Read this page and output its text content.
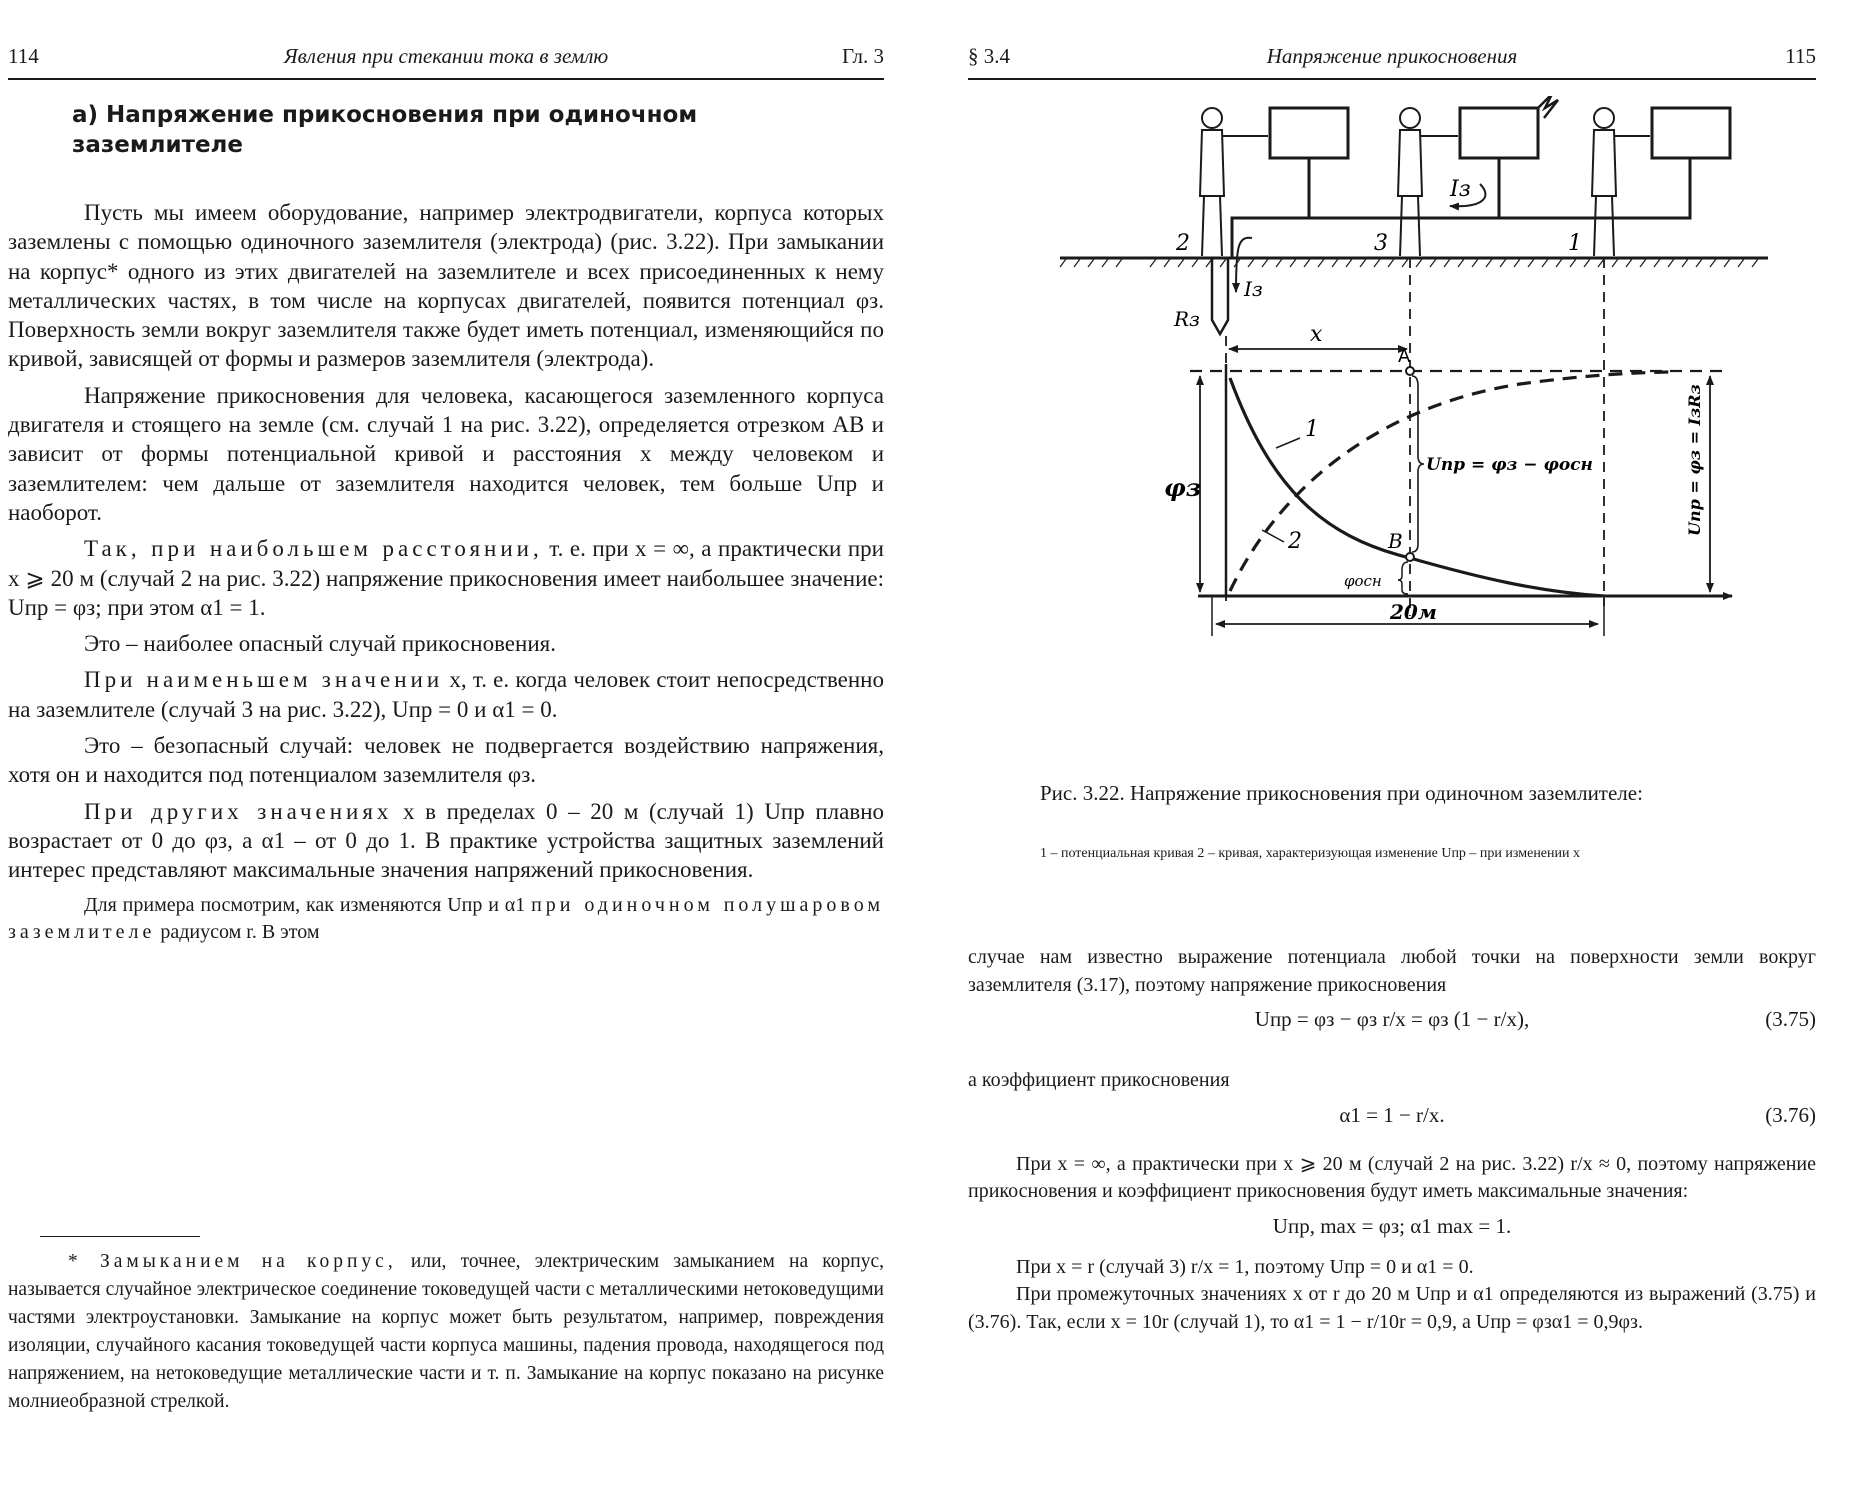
114	Явления при стекании тока в землю	Гл. 3
а) Напряжение прикосновения при одиночном заземлителе

Пусть мы имеем оборудование, например электродвигатели, корпуса которых заземлены с помощью одиночного заземлителя (электрода) (рис. 3.22). При замыкании на корпус* одного из этих двигателей на заземлителе и всех присоединенных к нему металлических частях, в том числе на корпусах двигателей, появится потенциал φз. Поверхность земли вокруг заземлителя также будет иметь потенциал, изменяющийся по кривой, зависящей от формы и размеров заземлителя (электрода).

Напряжение прикосновения для человека, касающегося заземленного корпуса двигателя и стоящего на земле (см. случай 1 на рис. 3.22), определяется отрезком AB и зависит от формы потенциальной кривой и расстояния x между человеком и заземлителем: чем дальше от заземлителя находится человек, тем больше Uпр и наоборот.

Так, при наибольшем расстоянии, т. е. при x = ∞, а практически при x ⩾ 20 м (случай 2 на рис. 3.22) напряжение прикосновения имеет наибольшее значение: Uпр = φз; при этом α1 = 1.

Это – наиболее опасный случай прикосновения.

При наименьшем значении x, т. е. когда человек стоит непосредственно на заземлителе (случай 3 на рис. 3.22), Uпр = 0 и α1 = 0.

Это – безопасный случай: человек не подвергается воздействию напряжения, хотя он и находится под потенциалом заземлителя φз.

При других значениях x в пределах 0 – 20 м (случай 1) Uпр плавно возрастает от 0 до φз, а α1 – от 0 до 1. В практике устройства защитных заземлений интерес представляют максимальные значения напряжений прикосновения.

Для примера посмотрим, как изменяются Uпр и α1 при одиночном полушаровом заземлителе радиусом r. В этом

* Замыканием на корпус, или, точнее, электрическим замыканием на корпус, называется случайное электрическое соединение токоведущей части с металлическими нетоковедущими частями электроустановки. Замыкание на корпус может быть результатом, например, повреждения изоляции, случайного касания токоведущей части корпуса машины, падения провода, находящегося под напряжением, на нетоковедущие металлические части и т. п. Замыкание на корпус показано на рисунке молниеобразной стрелкой.

§ 3.4	Напряжение прикосновения	115
Iз
Iз
Rз
2	3	1
x
φз
1
2
A
B
Uпр = φз − φосн
φосн
Uпр = φз = IзRз
20м

Рис. 3.22. Напряжение прикосновения при одиночном заземлителе:

1 – потенциальная кривая 2 – кривая, характеризующая изменение Uпр – при изменении x

случае нам известно выражение потенциала любой точки на поверхности земли вокруг заземлителя (3.17), поэтому напряжение прикосновения

Uпр = φз − φз r/x = φз (1 − r/x),	(3.75)

а коэффициент прикосновения

α1 = 1 − r/x.	(3.76)

При x = ∞, а практически при x ⩾ 20 м (случай 2 на рис. 3.22) r/x ≈ 0, поэтому напряжение прикосновения и коэффициент прикосновения будут иметь максимальные значения:

Uпр, max = φз; α1 max = 1.

При x = r (случай 3) r/x = 1, поэтому Uпр = 0 и α1 = 0.

При промежуточных значениях x от r до 20 м Uпр и α1 определяются из выражений (3.75) и (3.76). Так, если x = 10r (случай 1), то α1 = 1 − r/10r = 0,9, а Uпр = φзα1 = 0,9φз.
